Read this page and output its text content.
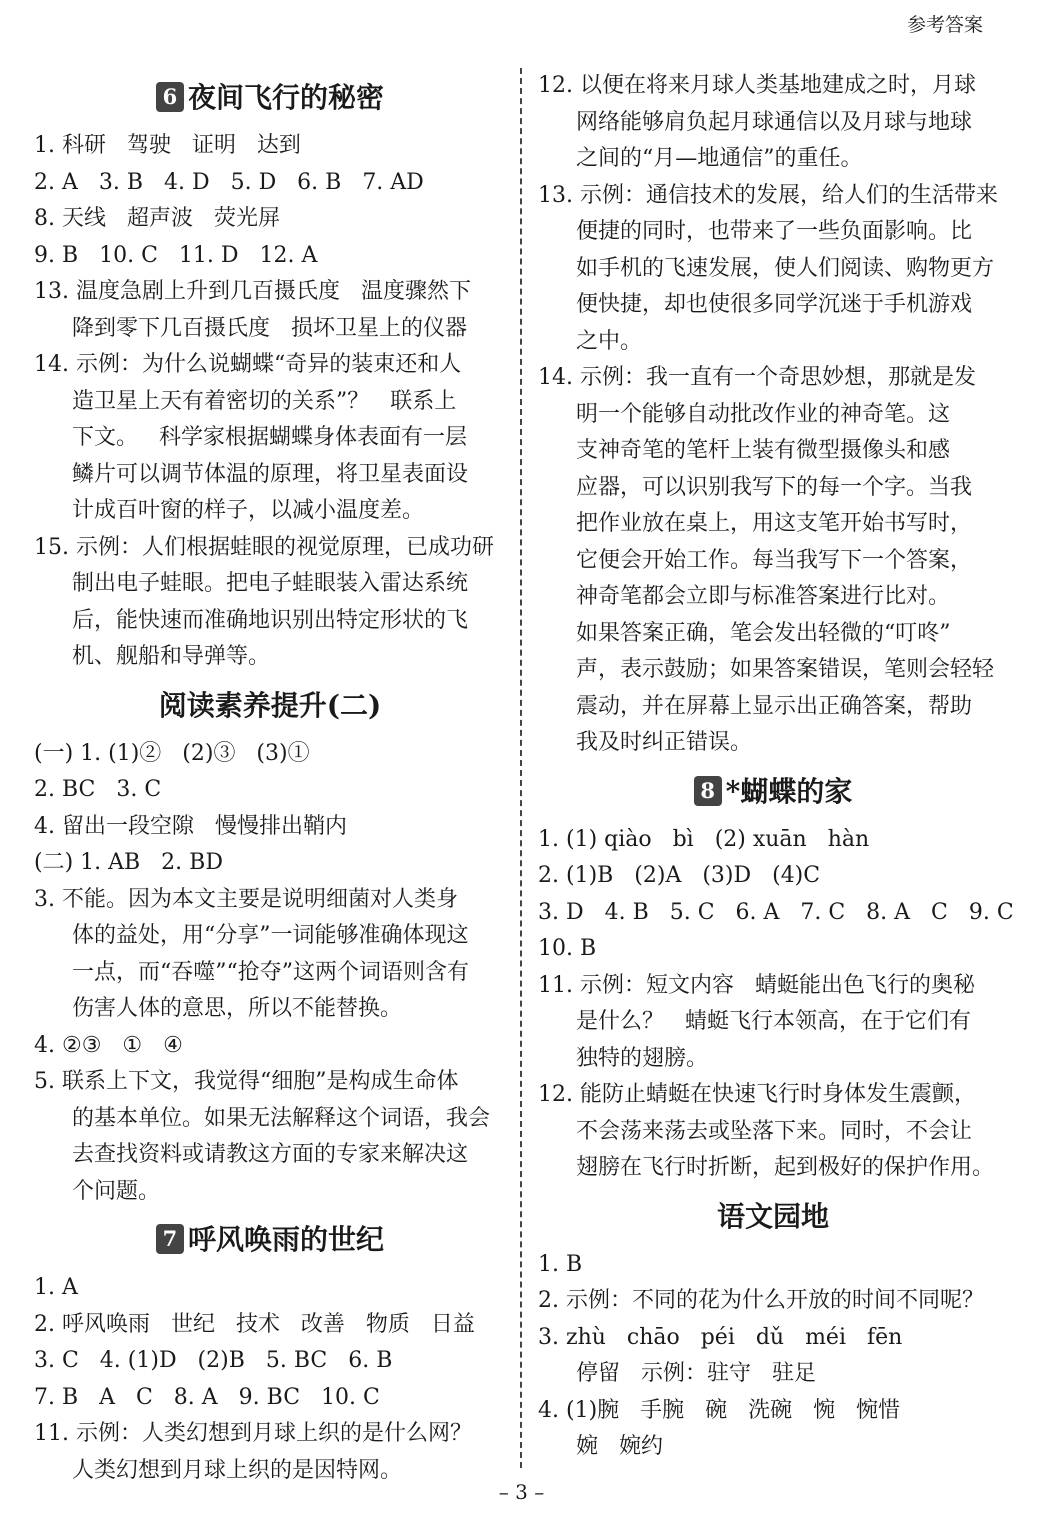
参考答案
6 夜间飞行的秘密
1. 科研   驾驶   证明   达到
2. A   3. B   4. D   5. D   6. B   7. AD
8. 天线   超声波   荧光屏
9. B   10. C   11. D   12. A
13. 温度急剧上升到几百摄氏度   温度骤然下
降到零下几百摄氏度   损坏卫星上的仪器
14. 示例：为什么说蝴蝶“奇异的装束还和人
造卫星上天有着密切的关系”？   联系上
下文。   科学家根据蝴蝶身体表面有一层
鳞片可以调节体温的原理，将卫星表面设
计成百叶窗的样子，以减小温度差。
15. 示例：人们根据蛙眼的视觉原理，已成功研
制出电子蛙眼。把电子蛙眼装入雷达系统
后，能快速而准确地识别出特定形状的飞
机、舰船和导弹等。
阅读素养提升(二)
(一) 1. (1)②   (2)③   (3)①
2. BC   3. C
4. 留出一段空隙   慢慢排出鞘内
(二) 1. AB   2. BD
3. 不能。因为本文主要是说明细菌对人类身
体的益处，用“分享”一词能够准确体现这
一点，而“吞噬”“抢夺”这两个词语则含有
伤害人体的意思，所以不能替换。
4. ②③   ①   ④
5. 联系上下文，我觉得“细胞”是构成生命体
的基本单位。如果无法解释这个词语，我会
去查找资料或请教这方面的专家来解决这
个问题。
7 呼风唤雨的世纪
1. A
2. 呼风唤雨   世纪   技术   改善   物质   日益
3. C   4. (1)D   (2)B   5. BC   6. B
7. B   A   C   8. A   9. BC   10. C
11. 示例：人类幻想到月球上织的是什么网？
人类幻想到月球上织的是因特网。
12. 以便在将来月球人类基地建成之时，月球
网络能够肩负起月球通信以及月球与地球
之间的“月—地通信”的重任。
13. 示例：通信技术的发展，给人们的生活带来
便捷的同时，也带来了一些负面影响。比
如手机的飞速发展，使人们阅读、购物更方
便快捷，却也使很多同学沉迷于手机游戏
之中。
14. 示例：我一直有一个奇思妙想，那就是发
明一个能够自动批改作业的神奇笔。这
支神奇笔的笔杆上装有微型摄像头和感
应器，可以识别我写下的每一个字。当我
把作业放在桌上，用这支笔开始书写时，
它便会开始工作。每当我写下一个答案，
神奇笔都会立即与标准答案进行比对。
如果答案正确，笔会发出轻微的“叮咚”
声，表示鼓励；如果答案错误，笔则会轻轻
震动，并在屏幕上显示出正确答案，帮助
我及时纠正错误。
8 *蝴蝶的家
1. (1) qiào   bì   (2) xuān   hàn
2. (1)B   (2)A   (3)D   (4)C
3. D   4. B   5. C   6. A   7. C   8. A   C   9. C
10. B
11. 示例：短文内容   蜻蜓能出色飞行的奥秘
是什么？   蜻蜓飞行本领高，在于它们有
独特的翅膀。
12. 能防止蜻蜓在快速飞行时身体发生震颤，
不会荡来荡去或坠落下来。同时，不会让
翅膀在飞行时折断，起到极好的保护作用。
语文园地
1. B
2. 示例：不同的花为什么开放的时间不同呢？
3. zhù   chāo   péi   dǔ   méi   fēn
停留   示例：驻守   驻足
4. (1)腕   手腕   碗   洗碗   惋   惋惜
婉   婉约
– 3 –
